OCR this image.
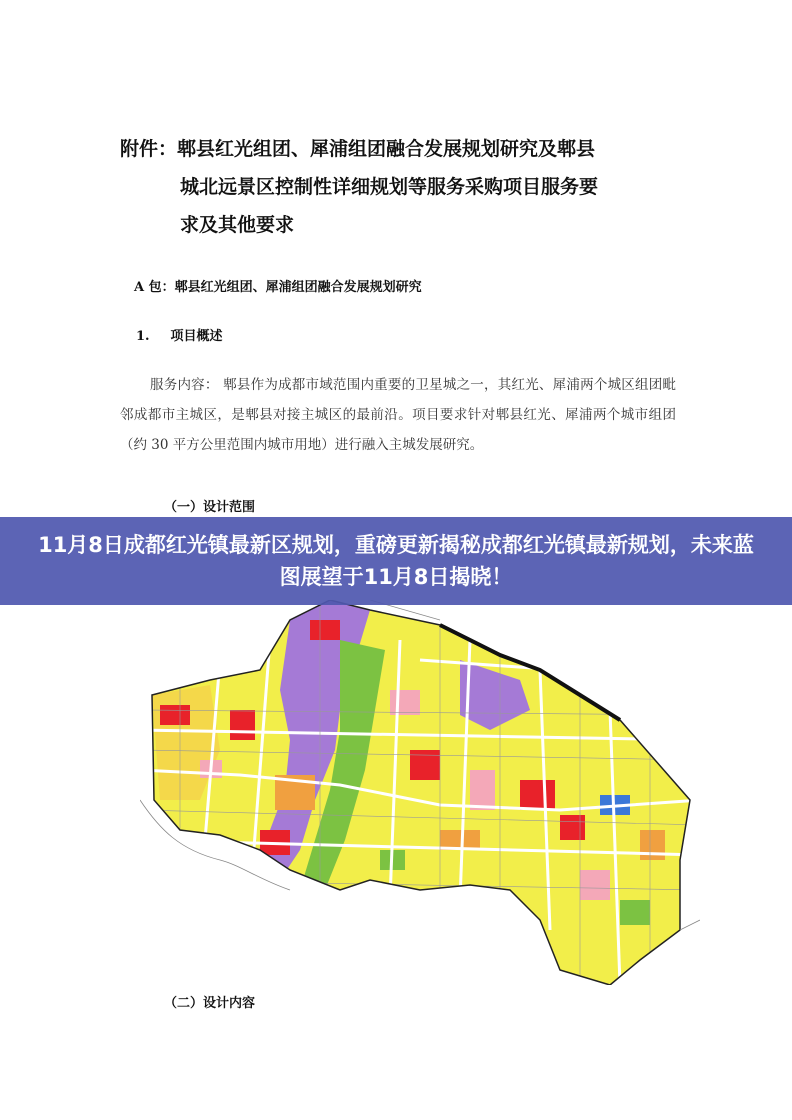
附件：郫县红光组团、犀浦组团融合发展规划研究及郫县
城北远景区控制性详细规划等服务采购项目服务要
求及其他要求
A 包：郫县红光组团、犀浦组团融合发展规划研究
1. 项目概述

服务内容： 郫县作为成都市域范围内重要的卫星城之一，其红光、犀浦两个城区组团毗邻成都市主城区，是郫县对接主城区的最前沿。项目要求针对郫县红光、犀浦两个城市组团（约 30 平方公里范围内城市用地）进行融入主城发展研究。

（一）设计范围
11月8日成都红光镇最新区规划，重磅更新揭秘成都红光镇最新规划，未来蓝图展望于11月8日揭晓！
（二）设计内容
